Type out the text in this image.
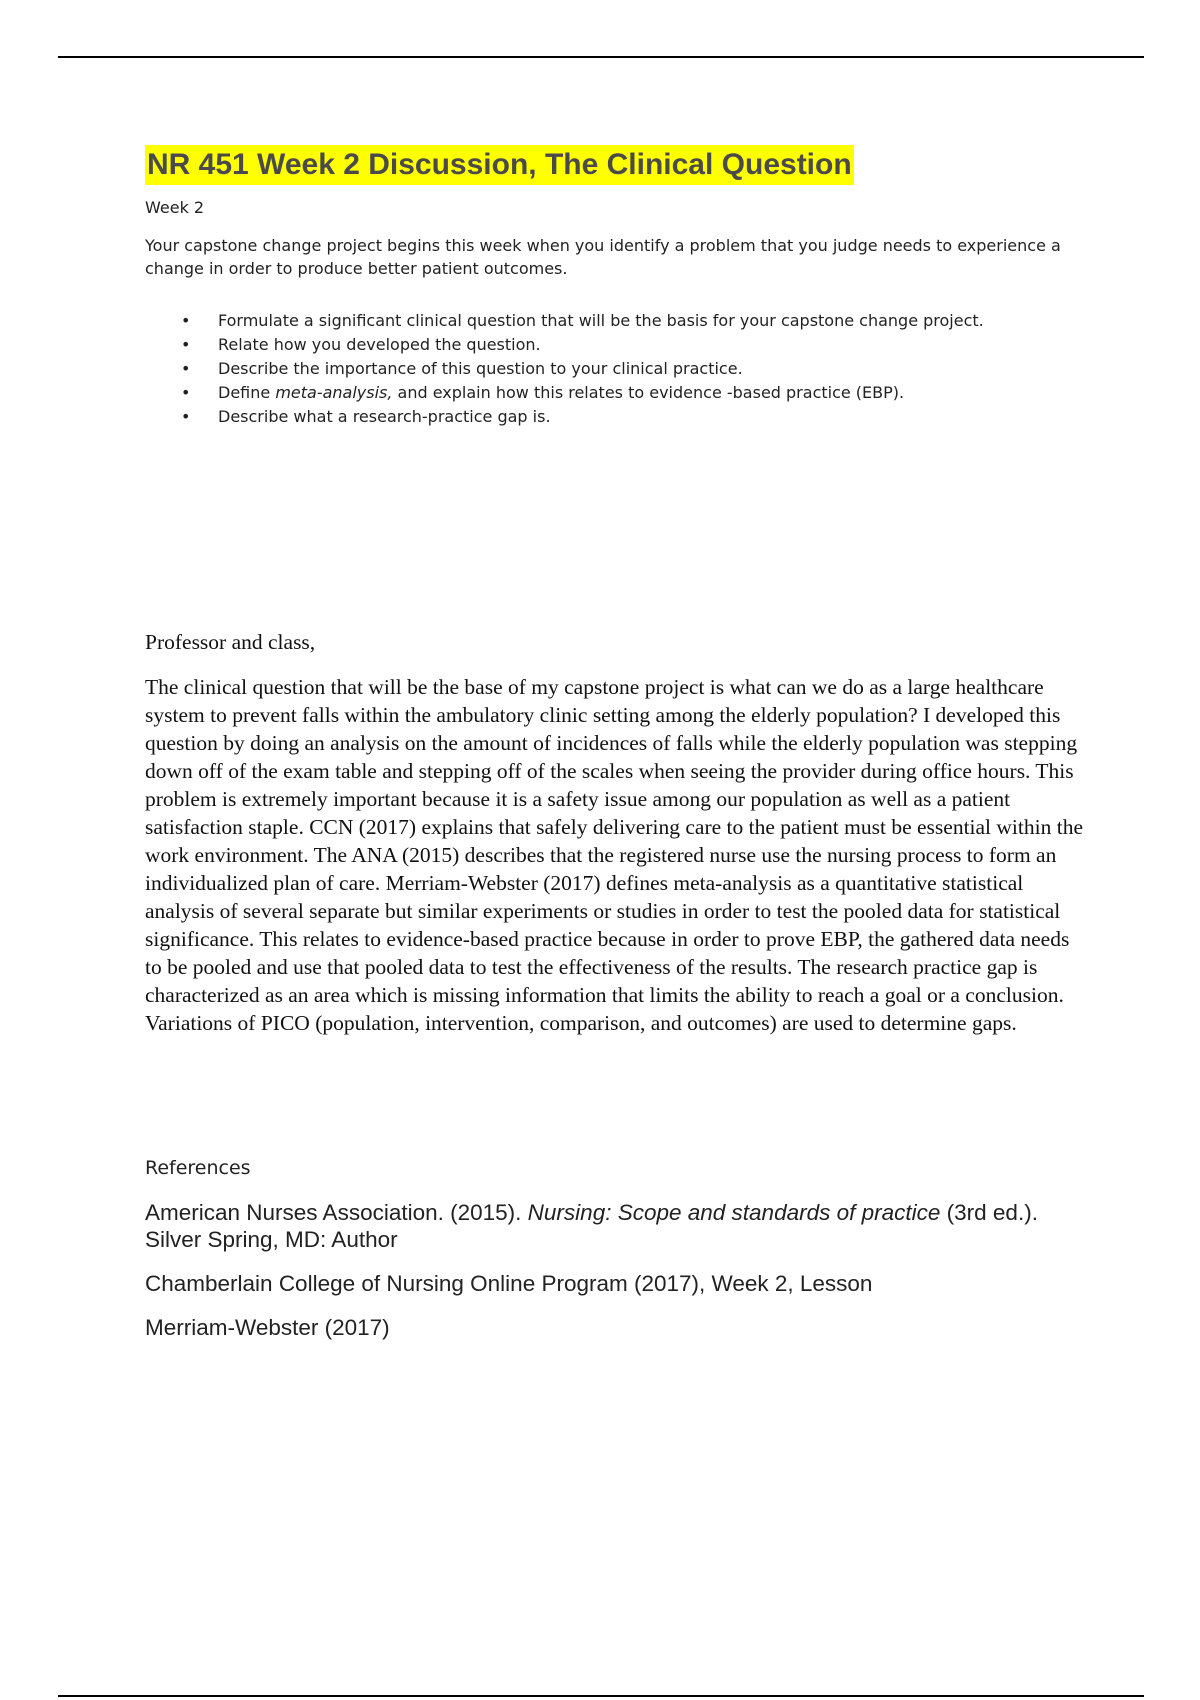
NR 451 Week 2 Discussion, The Clinical Question
Week 2

Your capstone change project begins this week when you identify a problem that you judge needs to experience a change in order to produce better patient outcomes.

• Formulate a significant clinical question that will be the basis for your capstone change project.
• Relate how you developed the question.
• Describe the importance of this question to your clinical practice.
• Define meta-analysis, and explain how this relates to evidence -based practice (EBP).
• Describe what a research-practice gap is.
Professor and class,

The clinical question that will be the base of my capstone project is what can we do as a large healthcare system to prevent falls within the ambulatory clinic setting among the elderly population? I developed this question by doing an analysis on the amount of incidences of falls while the elderly population was stepping down off of the exam table and stepping off of the scales when seeing the provider during office hours. This problem is extremely important because it is a safety issue among our population as well as a patient satisfaction staple. CCN (2017) explains that safely delivering care to the patient must be essential within the work environment. The ANA (2015) describes that the registered nurse use the nursing process to form an individualized plan of care. Merriam-Webster (2017) defines meta-analysis as a quantitative statistical analysis of several separate but similar experiments or studies in order to test the pooled data for statistical significance. This relates to evidence-based practice because in order to prove EBP, the gathered data needs to be pooled and use that pooled data to test the effectiveness of the results. The research practice gap is characterized as an area which is missing information that limits the ability to reach a goal or a conclusion. Variations of PICO (population, intervention, comparison, and outcomes) are used to determine gaps.

References

American Nurses Association. (2015). Nursing: Scope and standards of practice (3rd ed.). Silver Spring, MD: Author

Chamberlain College of Nursing Online Program (2017), Week 2, Lesson

Merriam-Webster (2017)
